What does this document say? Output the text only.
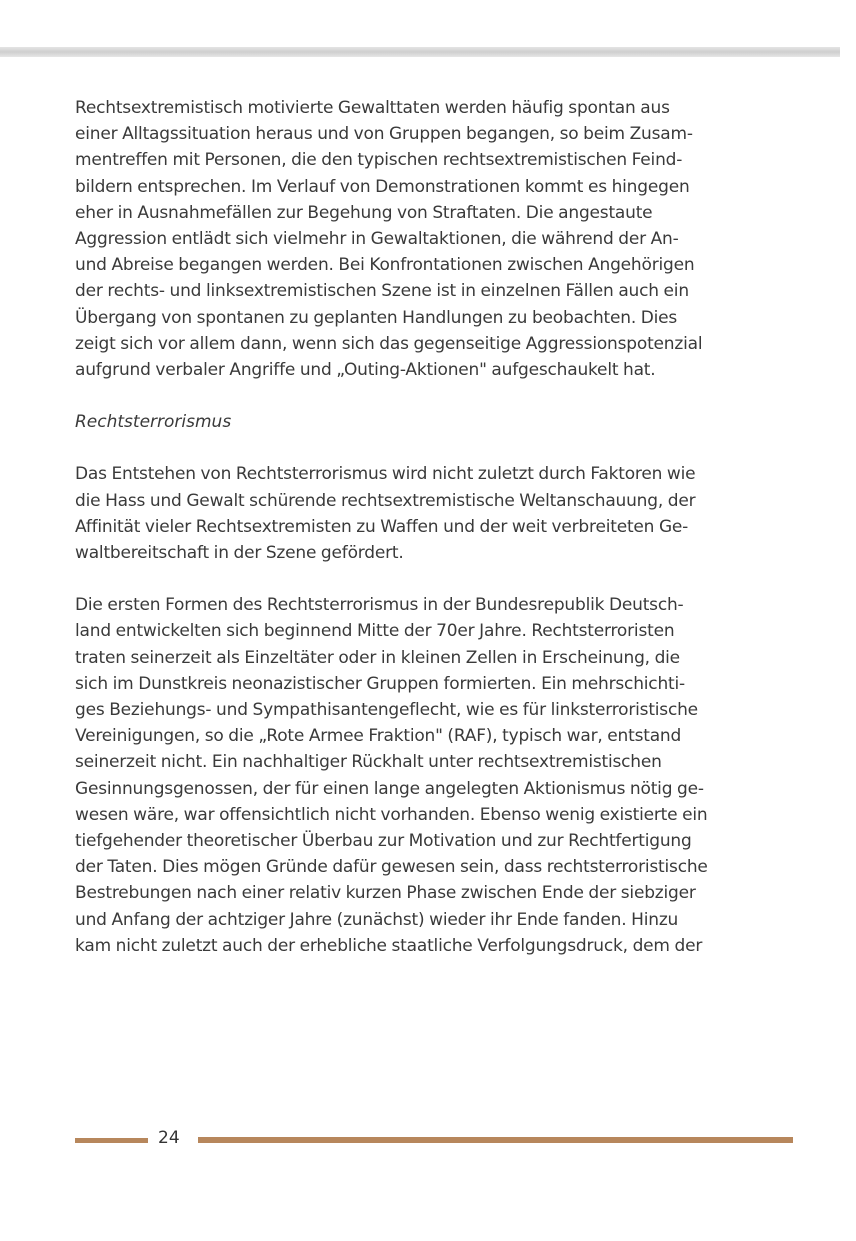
Rechtsextremistisch motivierte Gewalttaten werden häufig spontan aus
einer Alltagssituation heraus und von Gruppen begangen, so beim Zusam-
mentreffen mit Personen, die den typischen rechtsextremistischen Feind-
bildern entsprechen. Im Verlauf von Demonstrationen kommt es hingegen
eher in Ausnahmefällen zur Begehung von Straftaten. Die angestaute
Aggression entlädt sich vielmehr in Gewaltaktionen, die während der An-
und Abreise begangen werden. Bei Konfrontationen zwischen Angehörigen
der rechts- und linksextremistischen Szene ist in einzelnen Fällen auch ein
Übergang von spontanen zu geplanten Handlungen zu beobachten. Dies
zeigt sich vor allem dann, wenn sich das gegenseitige Aggressionspotenzial
aufgrund verbaler Angriffe und „Outing-Aktionen" aufgeschaukelt hat.

Rechtsterrorismus

Das Entstehen von Rechtsterrorismus wird nicht zuletzt durch Faktoren wie
die Hass und Gewalt schürende rechtsextremistische Weltanschauung, der
Affinität vieler Rechtsextremisten zu Waffen und der weit verbreiteten Ge-
waltbereitschaft in der Szene gefördert.

Die ersten Formen des Rechtsterrorismus in der Bundesrepublik Deutsch-
land entwickelten sich beginnend Mitte der 70er Jahre. Rechtsterroristen
traten seinerzeit als Einzeltäter oder in kleinen Zellen in Erscheinung, die
sich im Dunstkreis neonazistischer Gruppen formierten. Ein mehrschichti-
ges Beziehungs- und Sympathisantengeflecht, wie es für linksterroristische
Vereinigungen, so die „Rote Armee Fraktion" (RAF), typisch war, entstand
seinerzeit nicht. Ein nachhaltiger Rückhalt unter rechtsextremistischen
Gesinnungsgenossen, der für einen lange angelegten Aktionismus nötig ge-
wesen wäre, war offensichtlich nicht vorhanden. Ebenso wenig existierte ein
tiefgehender theoretischer Überbau zur Motivation und zur Rechtfertigung
der Taten. Dies mögen Gründe dafür gewesen sein, dass rechtsterroristische
Bestrebungen nach einer relativ kurzen Phase zwischen Ende der siebziger
und Anfang der achtziger Jahre (zunächst) wieder ihr Ende fanden. Hinzu
kam nicht zuletzt auch der erhebliche staatliche Verfolgungsdruck, dem der

24
